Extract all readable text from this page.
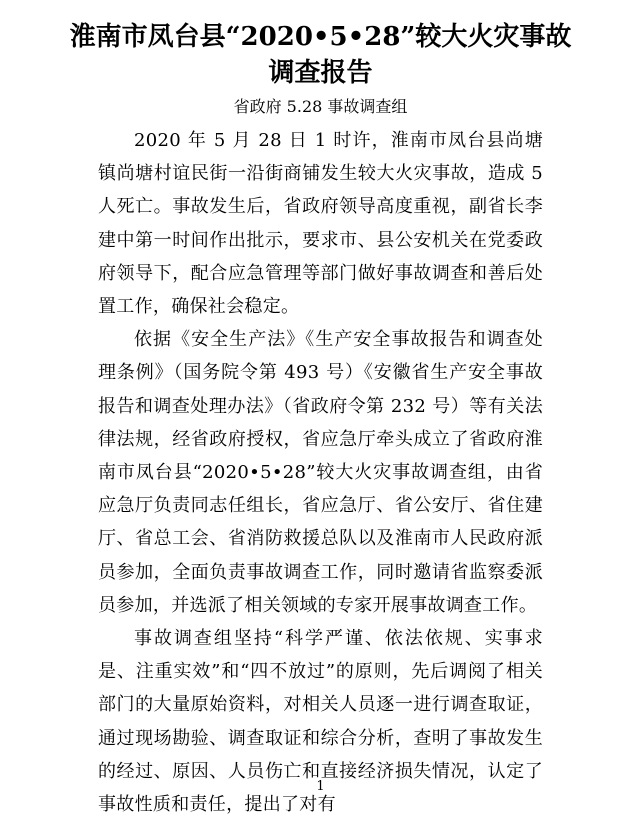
淮南市凤台县“2020•5•28”较大火灾事故
调查报告

省政府 5.28 事故调查组

2020 年 5 月 28 日 1 时许，淮南市凤台县尚塘镇尚塘村谊民街一沿街商铺发生较大火灾事故，造成 5 人死亡。事故发生后，省政府领导高度重视，副省长李建中第一时间作出批示，要求市、县公安机关在党委政府领导下，配合应急管理等部门做好事故调查和善后处置工作，确保社会稳定。

依据《安全生产法》《生产安全事故报告和调查处理条例》（国务院令第 493 号）《安徽省生产安全事故报告和调查处理办法》（省政府令第 232 号）等有关法律法规，经省政府授权，省应急厅牵头成立了省政府淮南市凤台县“2020•5•28”较大火灾事故调查组，由省应急厅负责同志任组长，省应急厅、省公安厅、省住建厅、省总工会、省消防救援总队以及淮南市人民政府派员参加，全面负责事故调查工作，同时邀请省监察委派员参加，并选派了相关领域的专家开展事故调查工作。

事故调查组坚持“科学严谨、依法依规、实事求是、注重实效”和“四不放过”的原则，先后调阅了相关部门的大量原始资料，对相关人员逐一进行调查取证，通过现场勘验、调查取证和综合分析，查明了事故发生的经过、原因、人员伤亡和直接经济损失情况，认定了事故性质和责任，提出了对有

1
